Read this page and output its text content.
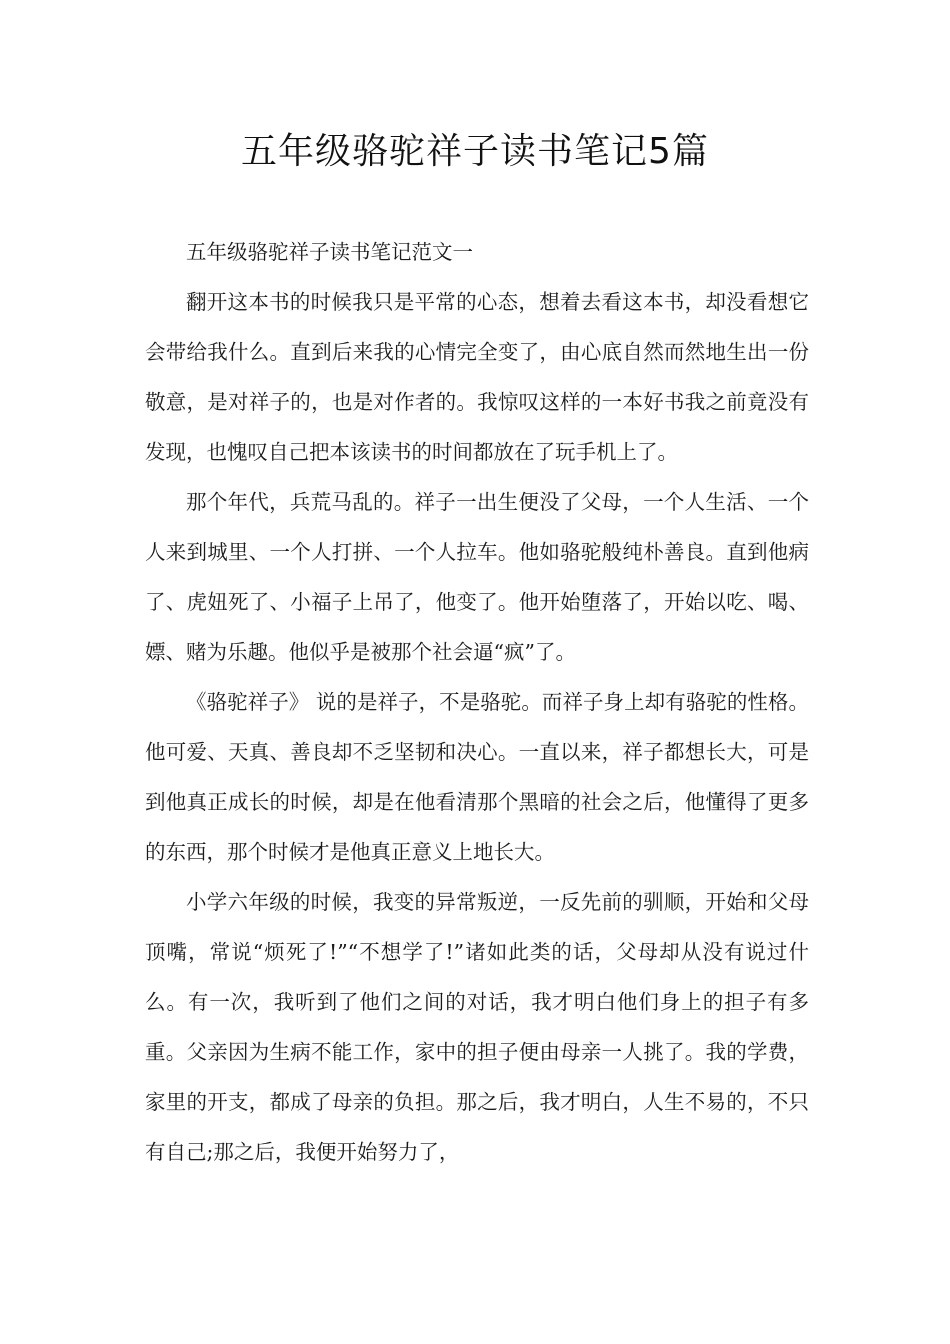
五年级骆驼祥子读书笔记5篇

五年级骆驼祥子读书笔记范文一

翻开这本书的时候我只是平常的心态，想着去看这本书，却没看想它会带给我什么。直到后来我的心情完全变了，由心底自然而然地生出一份敬意，是对祥子的，也是对作者的。我惊叹这样的一本好书我之前竟没有发现，也愧叹自己把本该读书的时间都放在了玩手机上了。

那个年代，兵荒马乱的。祥子一出生便没了父母，一个人生活、一个人来到城里、一个人打拼、一个人拉车。他如骆驼般纯朴善良。直到他病了、虎妞死了、小福子上吊了，他变了。他开始堕落了，开始以吃、喝、嫖、赌为乐趣。他似乎是被那个社会逼“疯”了。

《骆驼祥子》 说的是祥子，不是骆驼。而祥子身上却有骆驼的性格。他可爱、天真、善良却不乏坚韧和决心。一直以来，祥子都想长大，可是到他真正成长的时候，却是在他看清那个黑暗的社会之后，他懂得了更多的东西，那个时候才是他真正意义上地长大。

小学六年级的时候，我变的异常叛逆，一反先前的驯顺，开始和父母顶嘴，常说“烦死了!”“不想学了!”诸如此类的话，父母却从没有说过什么。有一次，我听到了他们之间的对话，我才明白他们身上的担子有多重。父亲因为生病不能工作，家中的担子便由母亲一人挑了。我的学费，家里的开支，都成了母亲的负担。那之后，我才明白，人生不易的，不只有自己;那之后，我便开始努力了，
